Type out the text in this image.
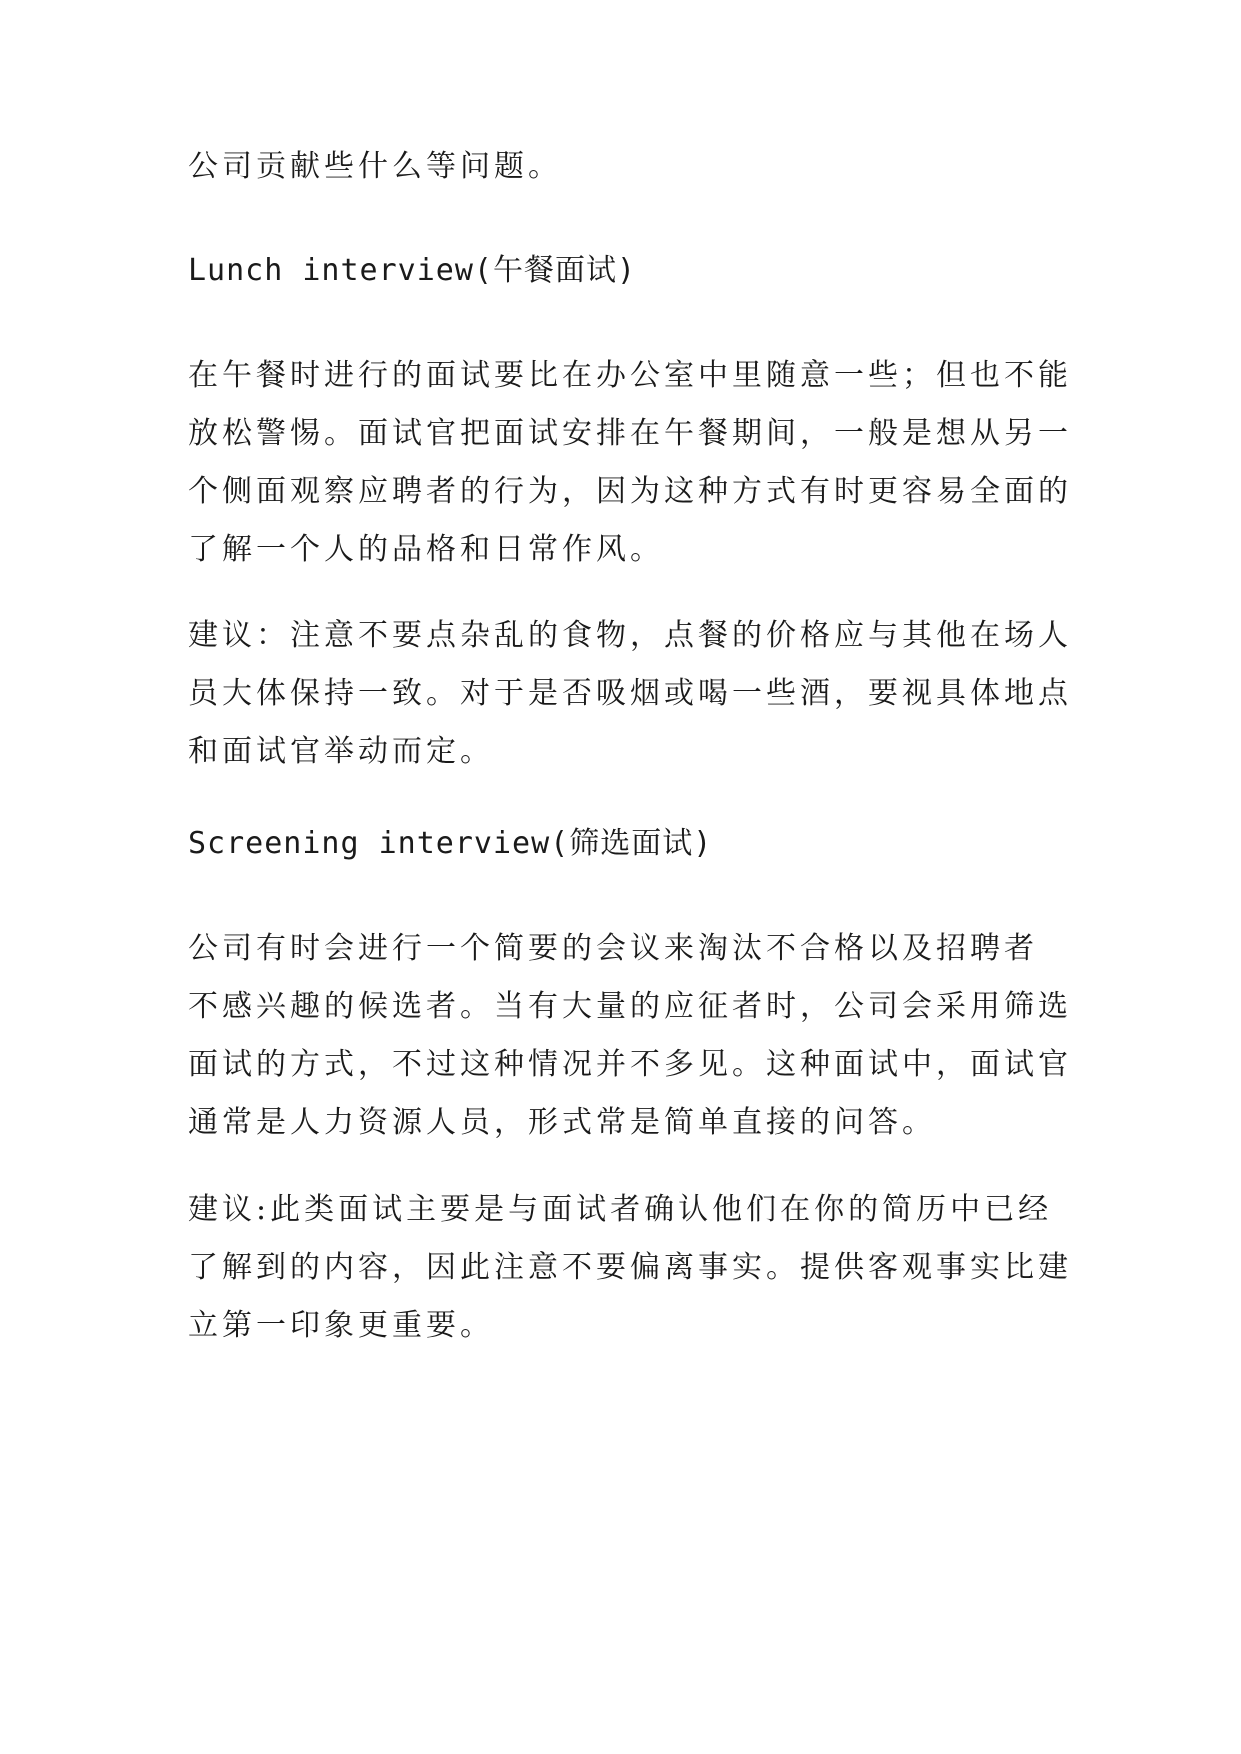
公司贡献些什么等问题。
Lunch interview(午餐面试)
在午餐时进行的面试要比在办公室中里随意一些；但也不能
放松警惕。面试官把面试安排在午餐期间，一般是想从另一
个侧面观察应聘者的行为，因为这种方式有时更容易全面的
了解一个人的品格和日常作风。
建议：注意不要点杂乱的食物，点餐的价格应与其他在场人
员大体保持一致。对于是否吸烟或喝一些酒，要视具体地点
和面试官举动而定。
Screening interview(筛选面试)
公司有时会进行一个简要的会议来淘汰不合格以及招聘者
不感兴趣的候选者。当有大量的应征者时，公司会采用筛选
面试的方式，不过这种情况并不多见。这种面试中，面试官
通常是人力资源人员，形式常是简单直接的问答。
建议:此类面试主要是与面试者确认他们在你的简历中已经
了解到的内容，因此注意不要偏离事实。提供客观事实比建
立第一印象更重要。
